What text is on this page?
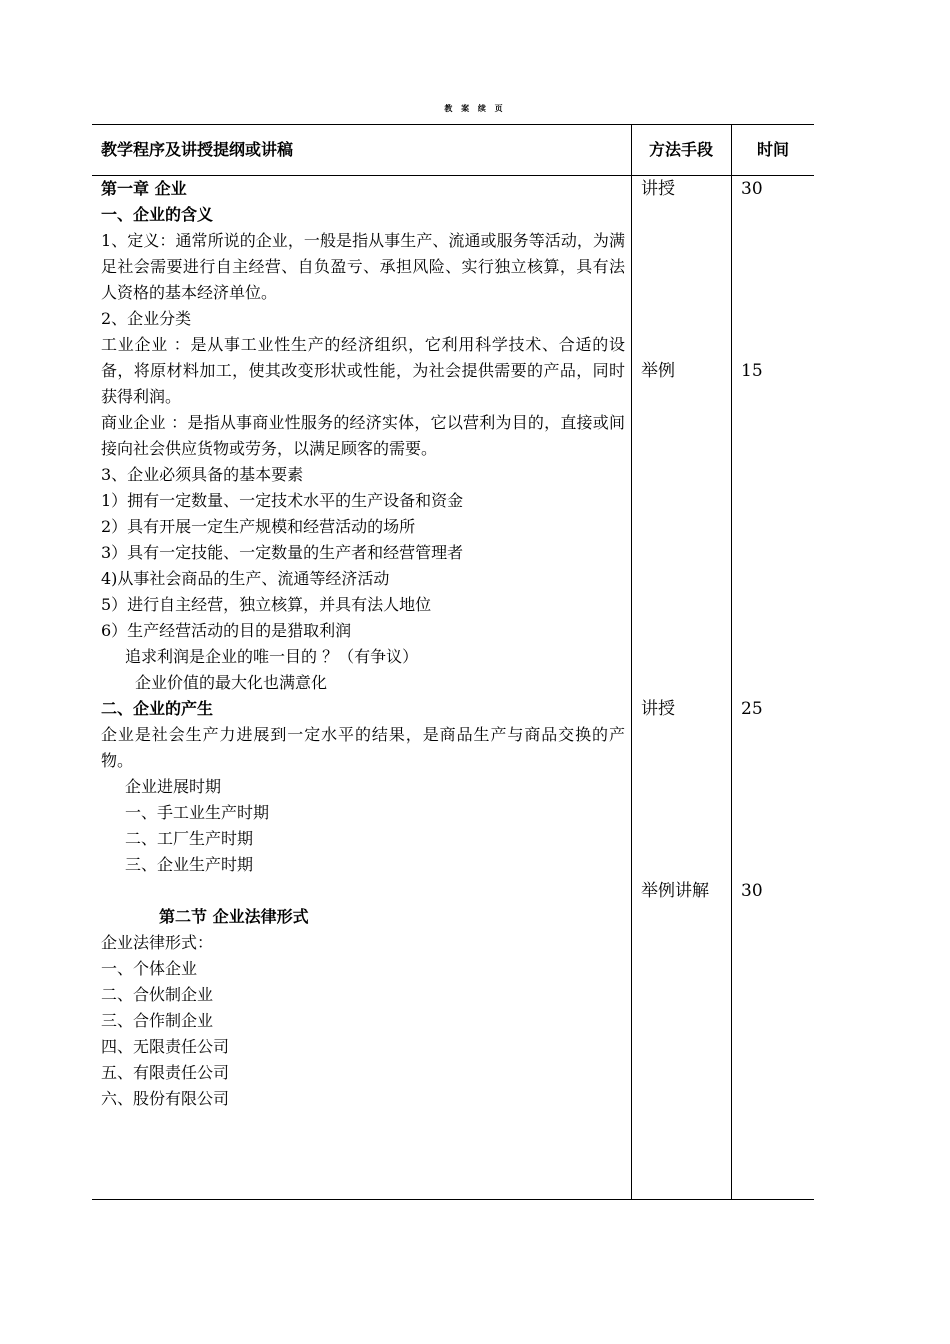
教 案 续 页
教学程序及讲授提纲或讲稿	方法手段	时间
第一章 企业
一、企业的含义
1、定义：通常所说的企业，一般是指从事生产、流通或服务等活动，为满足社会需要进行自主经营、自负盈亏、承担风险、实行独立核算，具有法人资格的基本经济单位。
2、企业分类
工业企业 ：是从事工业性生产的经济组织，它利用科学技术、合适的设备，将原材料加工，使其改变形状或性能，为社会提供需要的产品，同时获得利润。
商业企业 ：是指从事商业性服务的经济实体，它以营利为目的，直接或间接向社会供应货物或劳务，以满足顾客的需要。
3、企业必须具备的基本要素
1）拥有一定数量、一定技术水平的生产设备和资金
2）具有开展一定生产规模和经营活动的场所
3）具有一定技能、一定数量的生产者和经营管理者
4)从事社会商品的生产、流通等经济活动
5）进行自主经营，独立核算，并具有法人地位
6）生产经营活动的目的是猎取利润
追求利润是企业的唯一目的 ？（有争议）
企业价值的最大化也满意化
二、企业的产生
企业是社会生产力进展到一定水平的结果，是商品生产与商品交换的产物。
企业进展时期
一、手工业生产时期
二、工厂生产时期
三、企业生产时期
第二节 企业法律形式
企业法律形式：
一、个体企业
二、合伙制企业
三、合作制企业
四、无限责任公司
五、有限责任公司
六、股份有限公司
讲授	30
举例	15
讲授	25
举例讲解 30
